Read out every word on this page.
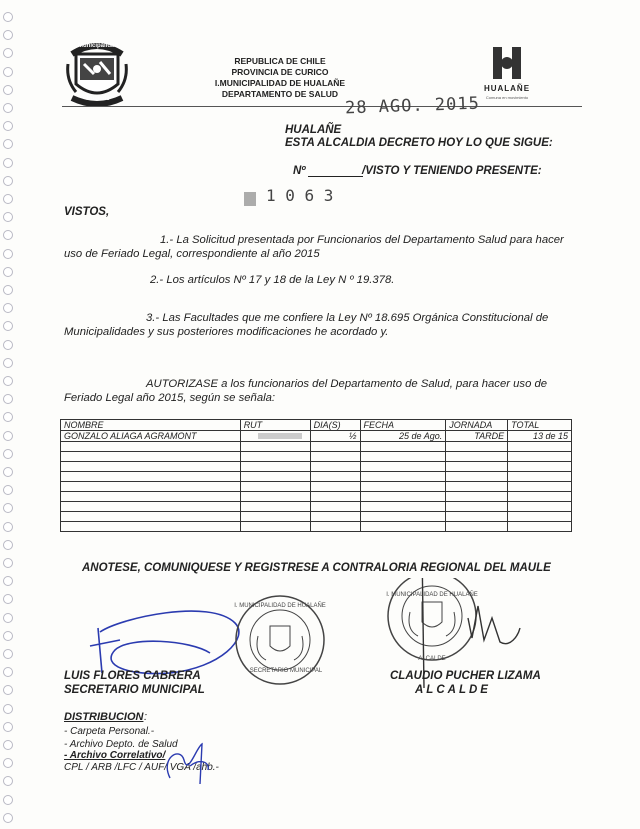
Municipalidad
Hualañe
REPUBLICA DE CHILE
PROVINCIA DE CURICO
I.MUNICIPALIDAD DE HUALAÑE
DEPARTAMENTO DE SALUD
HUALAÑE
Comuna en movimiento
28 AGO. 2015
HUALAÑE
ESTA ALCALDIA DECRETO HOY LO QUE SIGUE:
Nº	/VISTO Y TENIENDO PRESENTE:
1 0 6 3
VISTOS,
1.- La Solicitud presentada por Funcionarios del Departamento Salud para hacer
uso de Feriado Legal, correspondiente al año 2015
2.- Los artículos Nº 17 y 18 de la Ley N º 19.378.
3.- Las Facultades que me confiere la Ley Nº 18.695 Orgánica Constitucional de
Municipalidades y sus posteriores modificaciones he acordado y.
AUTORIZASE a los funcionarios del Departamento de Salud, para hacer uso de
Feriado Legal año 2015, según se señala:
NOMBRE	RUT	DIA(S)	FECHA	JORNADA	TOTAL
GONZALO ALIAGA AGRAMONT		½	25 de Ago.	TARDE	13 de 15

ANOTESE, COMUNIQUESE Y REGISTRESE A CONTRALORIA REGIONAL DEL MAULE
I. MUNICIPALIDAD DE HUALAÑE
SECRETARIO MUNICIPAL
I. MUNICIPALIDAD DE HUALAÑE
ALCALDE
LUIS FLORES CABRERA
SECRETARIO MUNICIPAL
CLAUDIO PUCHER LIZAMA
ALCALDE
DISTRIBUCION :
- Carpeta Personal.-
- Archivo Depto. de Salud
- Archivo Correlativo/
CPL / ARB /LFC / AUF/ VGA /ahb.-
